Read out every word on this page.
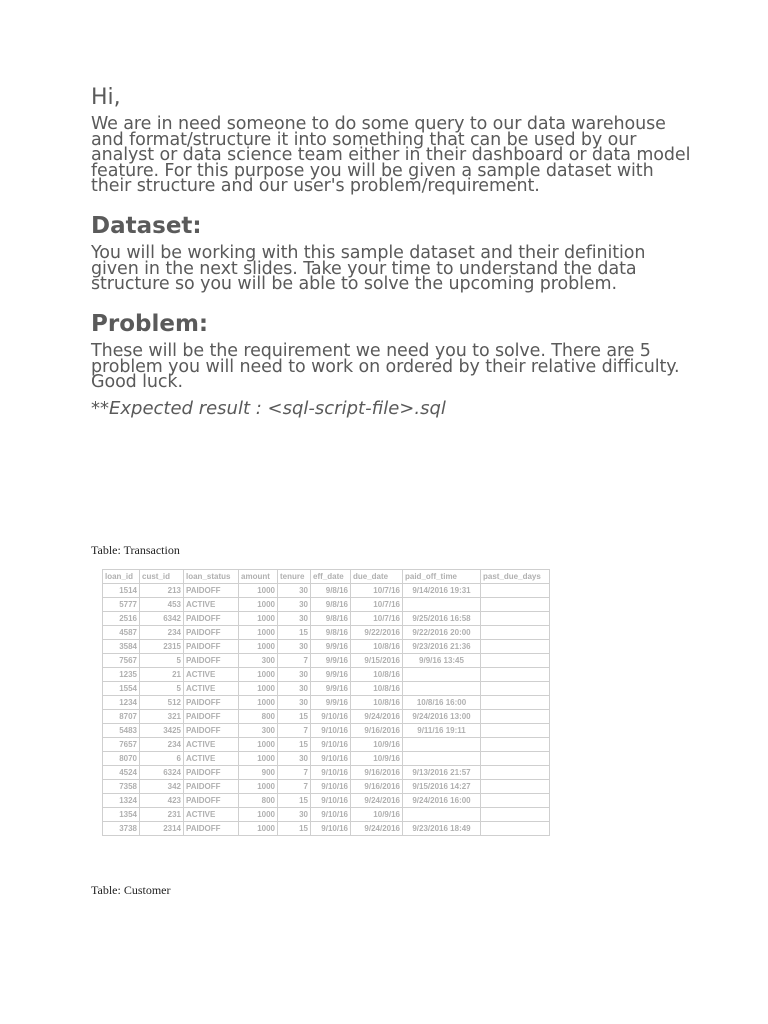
Hi,
We are in need someone to do some query to our data warehouse and format/structure it into something that can be used by our analyst or data science team either in their dashboard or data model feature. For this purpose you will be given a sample dataset with their structure and our user's problem/requirement.
Dataset:
You will be working with this sample dataset and their definition given in the next slides. Take your time to understand the data structure so you will be able to solve the upcoming problem.
Problem:
These will be the requirement we need you to solve. There are 5 problem you will need to work on ordered by their relative difficulty. Good luck.
**Expected result : <sql-script-file>.sql
Table: Transaction
loan_id	cust_id	loan_status	amount	tenure	eff_date	due_date	paid_off_time	past_due_days
1514	213	PAIDOFF	1000	30	9/8/16	10/7/16	9/14/2016 19:31	
5777	453	ACTIVE	1000	30	9/8/16	10/7/16		
2516	6342	PAIDOFF	1000	30	9/8/16	10/7/16	9/25/2016 16:58	
4587	234	PAIDOFF	1000	15	9/8/16	9/22/2016	9/22/2016 20:00	
3584	2315	PAIDOFF	1000	30	9/9/16	10/8/16	9/23/2016 21:36	
7567	5	PAIDOFF	300	7	9/9/16	9/15/2016	9/9/16 13:45	
1235	21	ACTIVE	1000	30	9/9/16	10/8/16		
1554	5	ACTIVE	1000	30	9/9/16	10/8/16		
1234	512	PAIDOFF	1000	30	9/9/16	10/8/16	10/8/16 16:00	
8707	321	PAIDOFF	800	15	9/10/16	9/24/2016	9/24/2016 13:00	
5483	3425	PAIDOFF	300	7	9/10/16	9/16/2016	9/11/16 19:11	
7657	234	ACTIVE	1000	15	9/10/16	10/9/16		
8070	6	ACTIVE	1000	30	9/10/16	10/9/16		
4524	6324	PAIDOFF	900	7	9/10/16	9/16/2016	9/13/2016 21:57	
7358	342	PAIDOFF	1000	7	9/10/16	9/16/2016	9/15/2016 14:27	
1324	423	PAIDOFF	800	15	9/10/16	9/24/2016	9/24/2016 16:00	
1354	231	ACTIVE	1000	30	9/10/16	10/9/16		
3738	2314	PAIDOFF	1000	15	9/10/16	9/24/2016	9/23/2016 18:49	
Table: Customer
